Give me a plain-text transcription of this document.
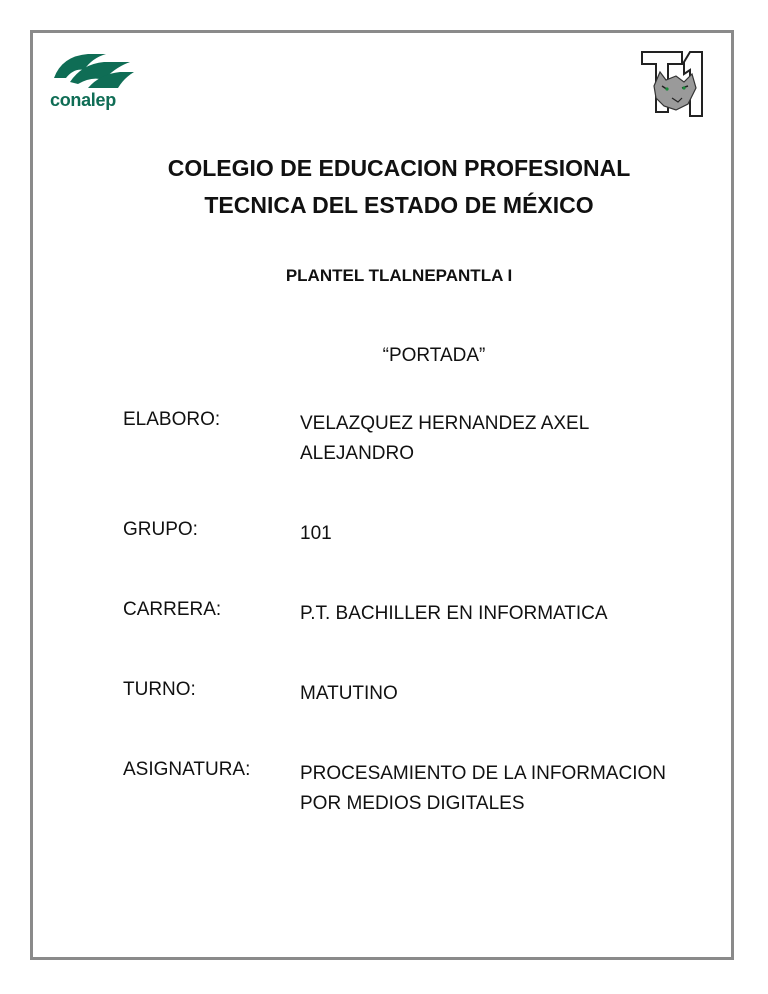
conalep
COLEGIO DE EDUCACION PROFESIONAL
TECNICA DEL ESTADO DE MÉXICO
PLANTEL TLALNEPANTLA I
“PORTADA”
ELABORO:	VELAZQUEZ HERNANDEZ AXEL
ALEJANDRO
GRUPO:	101
CARRERA:	P.T. BACHILLER EN INFORMATICA
TURNO:	MATUTINO
ASIGNATURA:	PROCESAMIENTO DE LA INFORMACION
POR MEDIOS DIGITALES
